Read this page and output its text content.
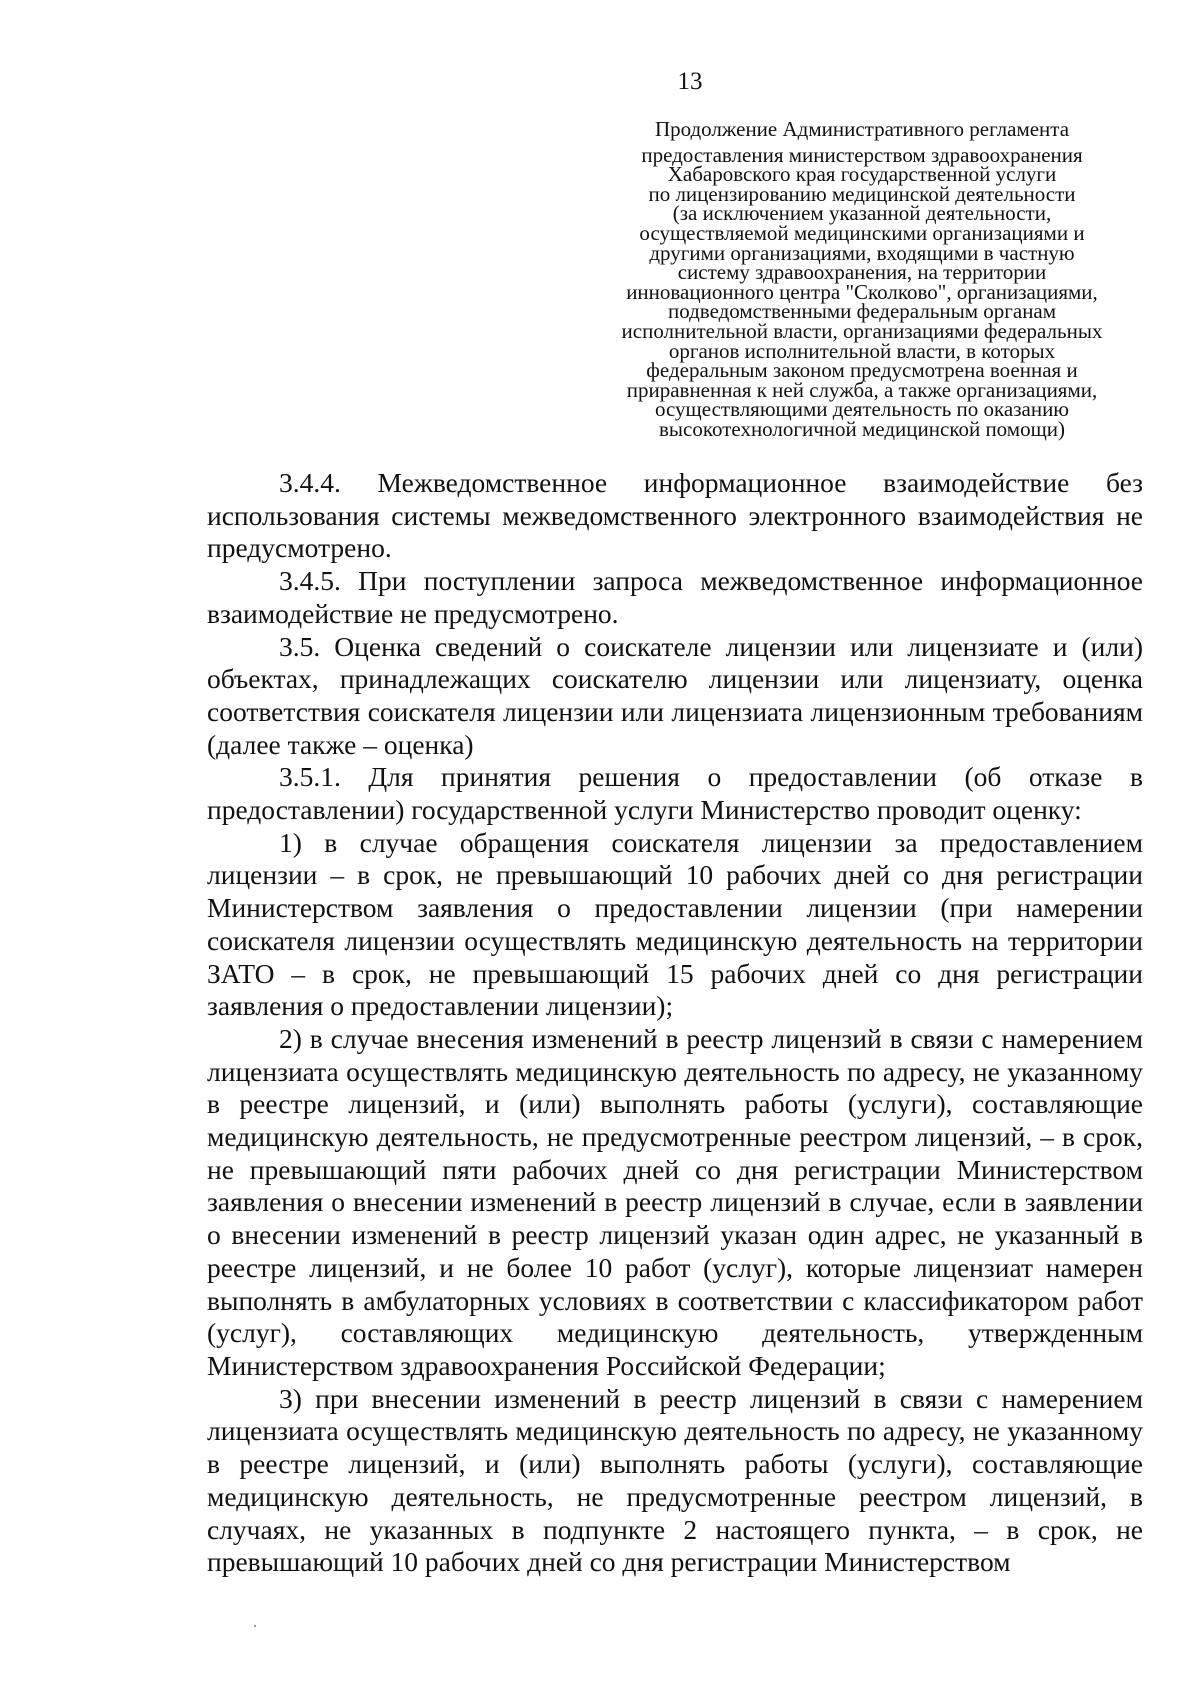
13
Продолжение Административного регламента
предоставления министерством здравоохранения
Хабаровского края государственной услуги
по лицензированию медицинской деятельности
(за исключением указанной деятельности,
осуществляемой медицинскими организациями и
другими организациями, входящими в частную
систему здравоохранения, на территории
инновационного центра "Сколково", организациями,
подведомственными федеральным органам
исполнительной власти, организациями федеральных
органов исполнительной власти, в которых
федеральным законом предусмотрена военная и
приравненная к ней служба, а также организациями,
осуществляющими деятельность по оказанию
высокотехнологичной медицинской помощи)

3.4.4. Межведомственное информационное взаимодействие без использования системы межведомственного электронного взаимодействия не предусмотрено.

3.4.5. При поступлении запроса межведомственное информационное взаимодействие не предусмотрено.

3.5. Оценка сведений о соискателе лицензии или лицензиате и (или) объектах, принадлежащих соискателю лицензии или лицензиату, оценка соответствия соискателя лицензии или лицензиата лицензионным требованиям (далее также – оценка)

3.5.1. Для принятия решения о предоставлении (об отказе в предоставлении) государственной услуги Министерство проводит оценку:

1) в случае обращения соискателя лицензии за предоставлением лицензии – в срок, не превышающий 10 рабочих дней со дня регистрации Министерством заявления о предоставлении лицензии (при намерении соискателя лицензии осуществлять медицинскую деятельность на территории ЗАТО – в срок, не превышающий 15 рабочих дней со дня регистрации заявления о предоставлении лицензии);

2) в случае внесения изменений в реестр лицензий в связи с намерением лицензиата осуществлять медицинскую деятельность по адресу, не указанному в реестре лицензий, и (или) выполнять работы (услуги), составляющие медицинскую деятельность, не предусмотренные реестром лицензий, – в срок, не превышающий пяти рабочих дней со дня регистрации Министерством заявления о внесении изменений в реестр лицензий в случае, если в заявлении о внесении изменений в реестр лицензий указан один адрес, не указанный в реестре лицензий, и не более 10 работ (услуг), которые лицензиат намерен выполнять в амбулаторных условиях в соответствии с классификатором работ (услуг), составляющих медицинскую деятельность, утвержденным Министерством здравоохранения Российской Федерации;

3) при внесении изменений в реестр лицензий в связи с намерением лицензиата осуществлять медицинскую деятельность по адресу, не указанному в реестре лицензий, и (или) выполнять работы (услуги), составляющие медицинскую деятельность, не предусмотренные реестром лицензий, в случаях, не указанных в подпункте 2 настоящего пункта, – в срок, не превышающий 10 рабочих дней со дня регистрации Министерством
